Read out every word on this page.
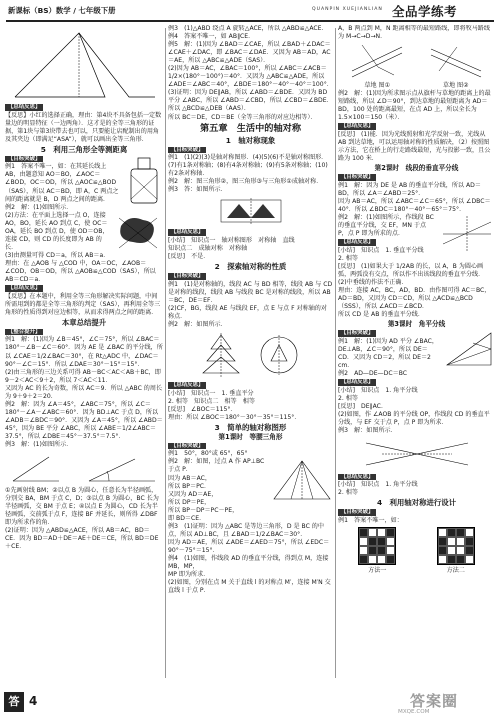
新课标（BS）数学 / 七年级下册	QUANPIN XUEJIANLIAN 全品学练考
【总结反思】

【反思】小红的选择正确，理由：第4块不具备包括一定数量边的明显特征（一边两角）．这才是的全等三角形的证据，第1块与第3块带去也可以，只要能让店配制出的用角及其夹边（即满足“ASA”），就可以画出全等三角形．

5　利用三角形全等测距离
【目标突破】

例1　答案不唯一，如：在其延长线上 AB，由题意知 AO＝BO，∠AOC＝∠BOD，OC＝OD，所以 △AOC≌△BOD（SAS），所以 AC＝BD，即 A，C 两点之间的距离就是 B，D 两点之间的距离．

例2　解：(1)如图所示．

(2)方法：在平面上选择一点 O，连接 AO，BO，延长 AO 到点 C，使 OC＝OA，延长 BO 到点 D，使 OD＝OB，连接 CD，则 CD 的长度即为 AB 的长．

(3)由测量可得 CD＝a，所以 AB＝a．

理由：在 △AOB 与 △COD 中，OA＝OC，∠AOB＝∠COD，OB＝OD，所以 △AOB≌△COD（SAS），所以 AB＝CD＝a．

【总结反思】

【反思】在本题中，利用全等三角形解决实际问题，中间所需用到的都是全等三角形的判定（SAS），再利用全等三角形的性质得到对应边相等，从而求得两点之间的距离．

本章总结提升
【整合提升】

例1　解：(1)因为 ∠B＝45°，∠C＝75°，所以 ∠BAC＝180°－∠B－∠C＝60°．因为 AE 是 ∠BAC 的平分线，所以 ∠CAE＝1/2∠BAC＝30°，在 Rt△ADC 中，∠DAC＝90°－∠C＝15°．所以 ∠DAE＝30°－15°＝15°．

(2)由三角形的三边关系可得 AB－BC＜AC＜AB＋BC，即 9－2＜AC＜9＋2，所以 7＜AC＜11．

又因为 AC 的长为奇数，所以 AC＝9．所以 △ABC 的周长为 9＋9＋2＝20．

例2　解：因为 ∠A＝45°，∠ABC＝75°，所以 ∠C＝180°－∠A－∠ABC＝60°．因为 BD⊥AC 于点 D，所以 ∠ADB＝∠BDC＝90°．又因为 ∠A＝45°，所以 ∠ABD＝45°，因为 BE 平分 ∠ABC，所以 ∠ABE＝1/2∠ABC＝37.5°，所以 ∠DBE＝45°－37.5°＝7.5°．

例3　解：(1)如图所示．

①先画射线 BM；②以点 B 为圆心，任意长为半径画弧，分别交 BA，BM 于点 C，D；③以点 B 为圆心，BC 长为半径画弧，交 BM 于点 E；④以点 E 为圆心，CD 长为半径画弧，交前弧于点 F，连接 BF 并延长，则所得 ∠DBF 即为所求作的角．

(2)证明：因为 △ABD≌△ACE，所以 AB＝AC，BD＝CE．因为 BD＝AD＋DE＝AE＋DE＝CE，所以 BD＝DE＋CE．

例3　(1)△ABD 绕点 A 旋转△ACE，所以 △ABD≌△ACE．例4　答案不唯一，如 AB∥CE．

例5　解：(1)因为 ∠BAD＝∠CAE，所以 ∠BAD＋∠DAC＝∠CAE＋∠DAC，即 ∠BAC＝∠DAE．又因为 AB＝AD，AC＝AE，所以 △ABC≌△ADE（SAS）．

(2)因为 AB＝AC，∠BAC＝100°，所以 ∠ABC＝∠ACB＝1/2×(180°－100°)＝40°．又因为 △ABC≌△ADE，所以 ∠ADE＝∠ABC＝40°，∠BDE＝180°－40°－40°＝100°．

(3)证明：因为 DE∥AB，所以 ∠ABD＝∠BDE．又因为 BD 平分 ∠ABC，所以 ∠ABD＝∠CBD，所以 ∠CBD＝∠BDE．

所以 △BCD≌△DEB（AAS）．

所以 BC＝DE，CD＝BE（全等三角形的对应边相等）．

第五章　生活中的轴对称
1　轴对称现象
【目标突破】

例1　(1)(2)(3)是轴对称图形．(4)(5)(6)不是轴对称图形．(7)有1条对称轴；(8)有4条对称轴；(9)有5条对称轴；(10)有2条对称轴．

例2　解：图三角形②，图三角形③与三角形①成轴对称．

例3　答：如图所示．

【总结反思】

[小结]　知识点一　轴对称图形　对称轴　直线

知识点二　成轴对称　对称轴

[反思]　不是．

2　探索轴对称的性质
【目标突破】

例1　(1)是对称轴的，线段 AC 与 BD 相等，线段 AB 与 CD 是对称的线段，线段 AB 与线段 BC 是对称的线段，所以 AB＝BC，DE＝EF．

(2)CF，BG，线段 AE 与线段 EF，点 E 与点 F 对称轴的对称点．

例2　解：如图所示．

【总结反思】

[小结]　知识点一　1. 垂直平分

2. 相等　知识点二　相等　相等

[反思]　∠BOC＝115°．

理由：所以 ∠BOC＝180°－30°－35°＝115°．

3　简单的轴对称图形
第1课时　等腰三角形
【目标突破】

例1　50°，80°或 65°，65°

例2　解：如图，过点 A 作 AP⊥BC 于点 P．

因为 AB＝AC，

所以 BP＝PC．

又因为 AD＝AE，

所以 DP＝PE，

所以 BP－DP＝PC－PE，

即 BD＝CE．

例3　(1)证明：因为 △ABC 是等边三角形，D 是 BC 的中点，所以 AD⊥BC，且 ∠BAD＝1/2∠BAC＝30°．

因为 AD＝AE，所以 ∠ADE＝∠AED＝75°，所以 ∠EDC＝90°－75°＝15°．

例4　(1)如图，作线段 AD 的垂直平分线，得到点 M，连接 MB，MP，

MP 即为所求．

(2)如图，分别在点 M 关于直线 l 的对称点 M′，连接 M′N 交直线 l 于点 P．

A，B 两点到 M，N 距离相等的最短路线，即将牧马路线为 M→C→D→N．

草地 图①	草地 图②

例2　解：(1)因为所求图示点从旗杆与草地的距离上的最短路线，所以 ∠D＝90°，到达草地的最短距离为 AD＝BD，100 处的距离最短，在点 AD 上，所以全长为 1.5×100＝150（米）．

【总结反思】

[反思]　(1)能．因为光线照射和光学反射一致，光线从 AB 到达草地，可以运用轴对称的性质解决，（2）按照图示方法，它在桥上的行走路线最短，光与投影一致，且公路为 100 米．

第2课时　线段的垂直平分线
【目标突破】

例1　解：因为 DE 是 AB 的垂直平分线，所以 AD＝BD，所以 ∠A＝∠ABD＝25°．

因为 AB＝AC，所以 ∠ABC＝∠C＝65°，所以 ∠DBC＝40°．所以 ∠BDC＝180°－40°－65°＝75°．

例2　解：(1)如图所示，作线段 BC 的垂直平分线，交 EF，MN 于点 P，点 P 即为所求的点．

【总结反思】

[小结]　知识点　1. 垂直平分线

2. 相等

[反思]　(1)如果大于 1/2AB 的长，以 A，B 为圆心画弧，两弧没有交点，所以作不出该线段的垂直平分线．

(2)中垂线的作法不正确．

理由：连接 AC，BC，AD，BD．由作图可得 AC＝BC，AD＝BD，又因为 CD＝CD，所以 △ACD≌△BCD（SSS），所以 ∠ACD＝∠BCD．

所以 CD 是 AB 的垂直平分线．

第3课时　角平分线
【目标突破】

例1　解：(1)因为 AD 平分 ∠BAC，DE⊥AB，∠C＝90°，所以 DE＝CD．又因为 CD＝2，所以 DE＝2 cm．

例2　AD—DE—DC＝BC

【总结反思】

[小结]　知识点　1. 角平分线

2. 相等

[反思]　DE∥AC．

(2)如图，作 ∠AOB 的平分线 OP，作线段 CD 的垂直平分线，与 EF 交于点 P，点 P 即为所求．

例3　解：如图所示．

【总结反思】

[小结]　知识点　1. 角平分线

2. 相等

4　利用轴对称进行设计
【目标突破】

例1　答案不唯一，如：

方法一	方法二
答 4	答案圈
MXQE.COM
